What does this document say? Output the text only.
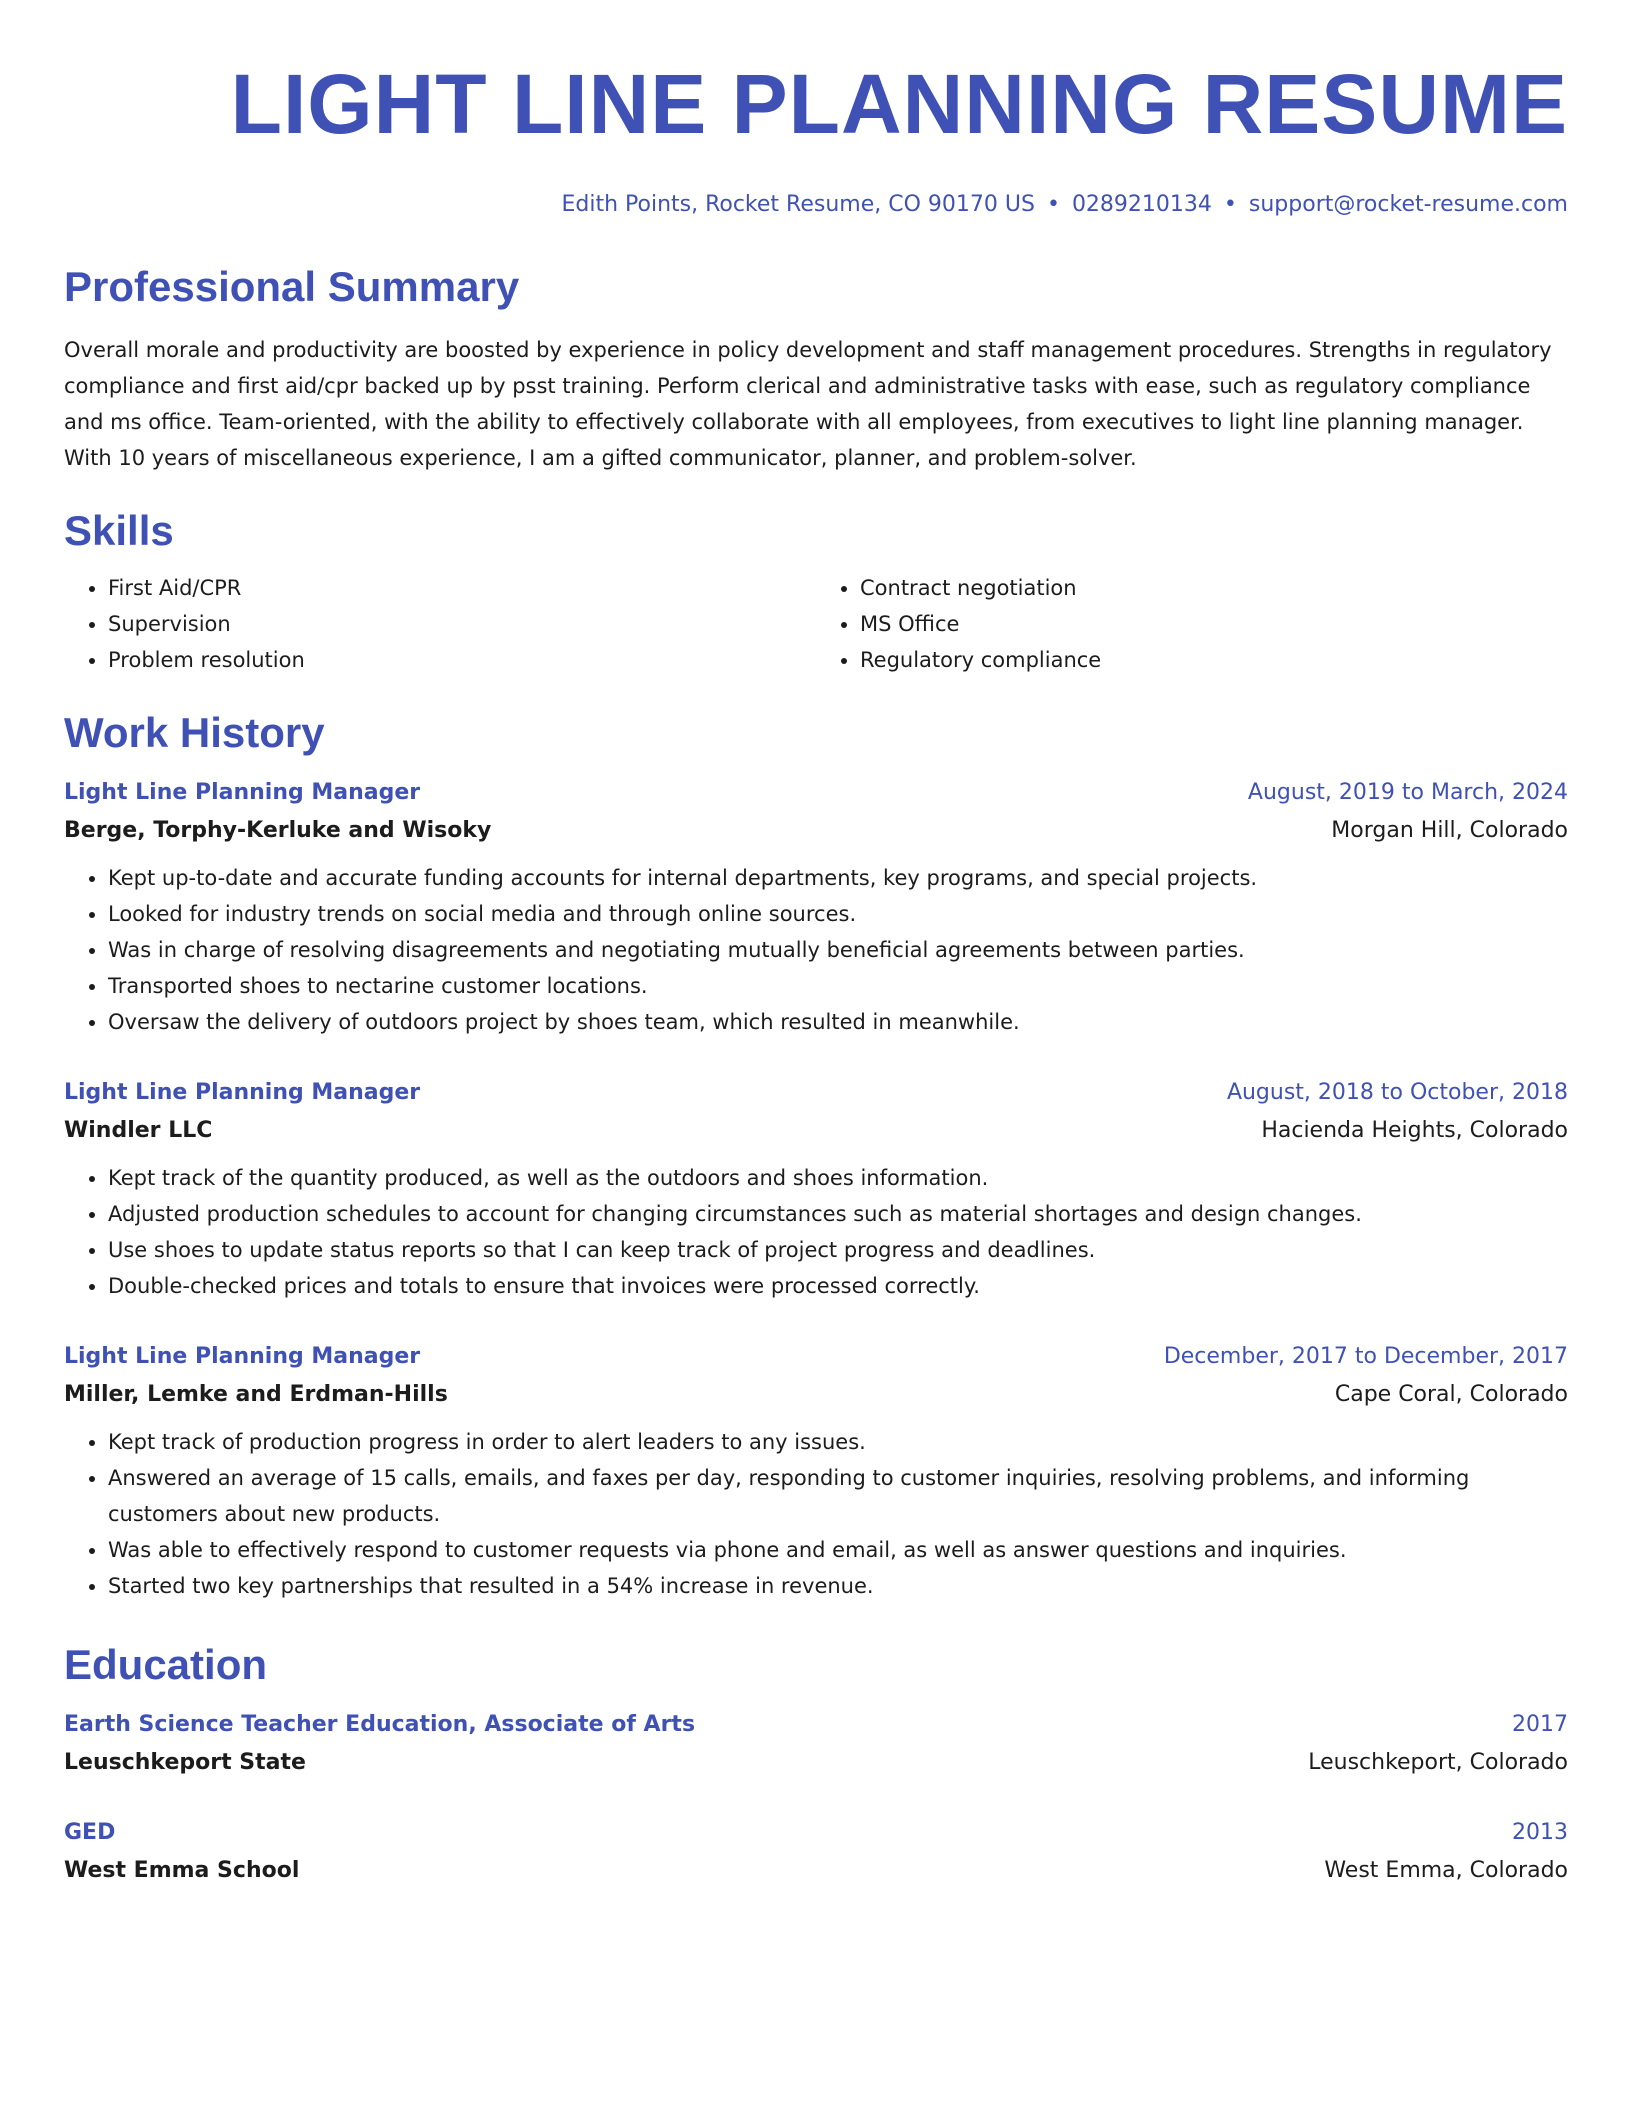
LIGHT LINE PLANNING RESUME
Edith Points, Rocket Resume, CO 90170 US • 0289210134 • support@rocket-resume.com
Professional Summary

Overall morale and productivity are boosted by experience in policy development and staff management procedures. Strengths in regulatory compliance and first aid/cpr backed up by psst training. Perform clerical and administrative tasks with ease, such as regulatory compliance and ms office. Team-oriented, with the ability to effectively collaborate with all employees, from executives to light line planning manager. With 10 years of miscellaneous experience, I am a gifted communicator, planner, and problem-solver.

Skills
• First Aid/CPR
• Supervision
• Problem resolution
• Contract negotiation
• MS Office
• Regulatory compliance
Work History
Light Line Planning Manager	August, 2019 to March, 2024
Berge, Torphy-Kerluke and Wisoky	Morgan Hill, Colorado
• Kept up-to-date and accurate funding accounts for internal departments, key programs, and special projects.
• Looked for industry trends on social media and through online sources.
• Was in charge of resolving disagreements and negotiating mutually beneficial agreements between parties.
• Transported shoes to nectarine customer locations.
• Oversaw the delivery of outdoors project by shoes team, which resulted in meanwhile.
Light Line Planning Manager	August, 2018 to October, 2018
Windler LLC	Hacienda Heights, Colorado
• Kept track of the quantity produced, as well as the outdoors and shoes information.
• Adjusted production schedules to account for changing circumstances such as material shortages and design changes.
• Use shoes to update status reports so that I can keep track of project progress and deadlines.
• Double-checked prices and totals to ensure that invoices were processed correctly.
Light Line Planning Manager	December, 2017 to December, 2017
Miller, Lemke and Erdman-Hills	Cape Coral, Colorado
• Kept track of production progress in order to alert leaders to any issues.
• Answered an average of 15 calls, emails, and faxes per day, responding to customer inquiries, resolving problems, and informing customers about new products.
• Was able to effectively respond to customer requests via phone and email, as well as answer questions and inquiries.
• Started two key partnerships that resulted in a 54% increase in revenue.
Education
Earth Science Teacher Education, Associate of Arts	2017
Leuschkeport State	Leuschkeport, Colorado
GED	2013
West Emma School	West Emma, Colorado
